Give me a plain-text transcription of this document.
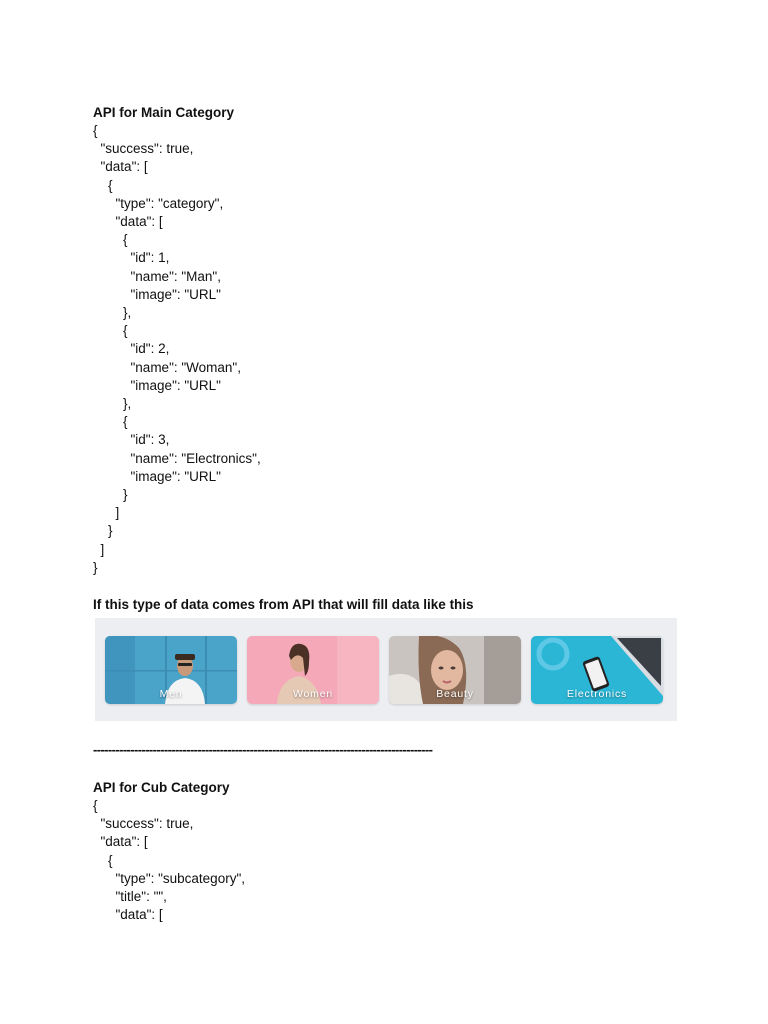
API for Main Category

{
"success": true,
"data": [
{
"type": "category",
"data": [
{
"id": 1,
"name": "Man",
"image": "URL"
},
{
"id": 2,
"name": "Woman",
"image": "URL"
},
{
"id": 3,
"name": "Electronics",
"image": "URL"
}
]
}
]
}

If this type of data comes from API that will fill data like this

Men	Women	Beauty	Electronics

-------------------------------------------------------------------------------------------

API for Cub Category

{
"success": true,
"data": [
{
"type": "subcategory",
"title": "",
"data": [
